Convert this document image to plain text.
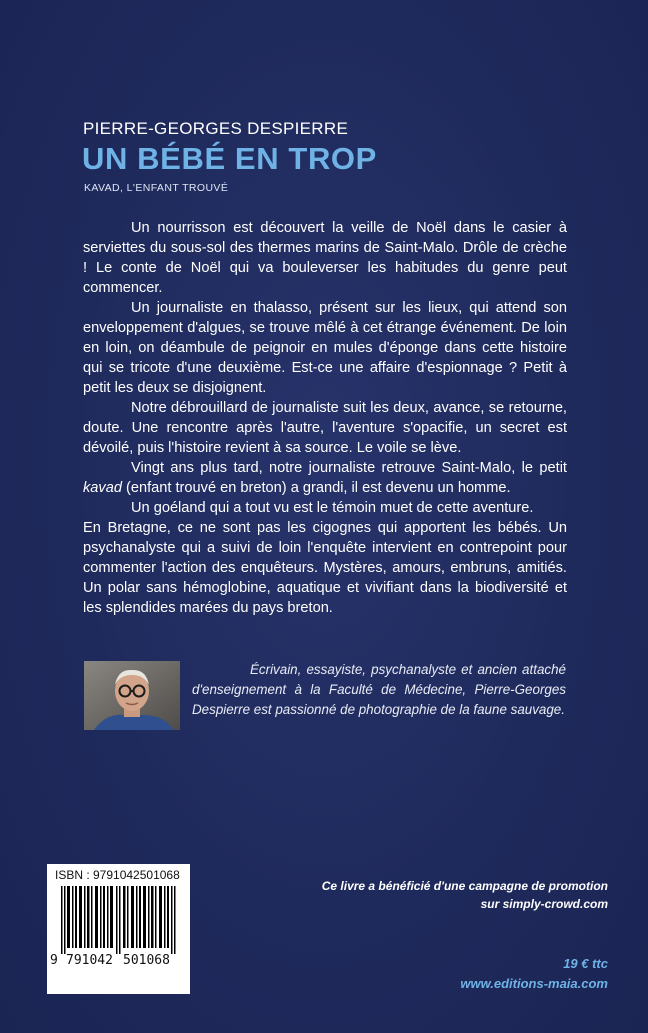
PIERRE-GEORGES DESPIERRE
UN BÉBÉ EN TROP
KAVAD, L'ENFANT TROUVÉ

Un nourrisson est découvert la veille de Noël dans le casier à serviettes du sous-sol des thermes marins de Saint-Malo. Drôle de crèche ! Le conte de Noël qui va bouleverser les habitudes du genre peut commencer.

Un journaliste en thalasso, présent sur les lieux, qui attend son enveloppement d'algues, se trouve mêlé à cet étrange événement. De loin en loin, on déambule de peignoir en mules d'éponge dans cette histoire qui se tricote d'une deuxième. Est-ce une affaire d'espionnage ? Petit à petit les deux se disjoignent.

Notre débrouillard de journaliste suit les deux, avance, se retourne, doute. Une rencontre après l'autre, l'aventure s'opacifie, un secret est dévoilé, puis l'histoire revient à sa source. Le voile se lève.

Vingt ans plus tard, notre journaliste retrouve Saint-Malo, le petit kavad (enfant trouvé en breton) a grandi, il est devenu un homme.

Un goéland qui a tout vu est le témoin muet de cette aventure.

En Bretagne, ce ne sont pas les cigognes qui apportent les bébés. Un psychanalyste qui a suivi de loin l'enquête intervient en contrepoint pour commenter l'action des enquêteurs. Mystères, amours, embruns, amitiés. Un polar sans hémoglobine, aquatique et vivifiant dans la biodiversité et les splendides marées du pays breton.

Écrivain, essayiste, psychanalyste et ancien attaché d'enseignement à la Faculté de Médecine, Pierre-Georges Despierre est passionné de photographie de la faune sauvage.
ISBN : 9791042501068
9 791042 501068
Ce livre a bénéficié d'une campagne de promotion
sur simply-crowd.com
19 € ttc
www.editions-maia.com
